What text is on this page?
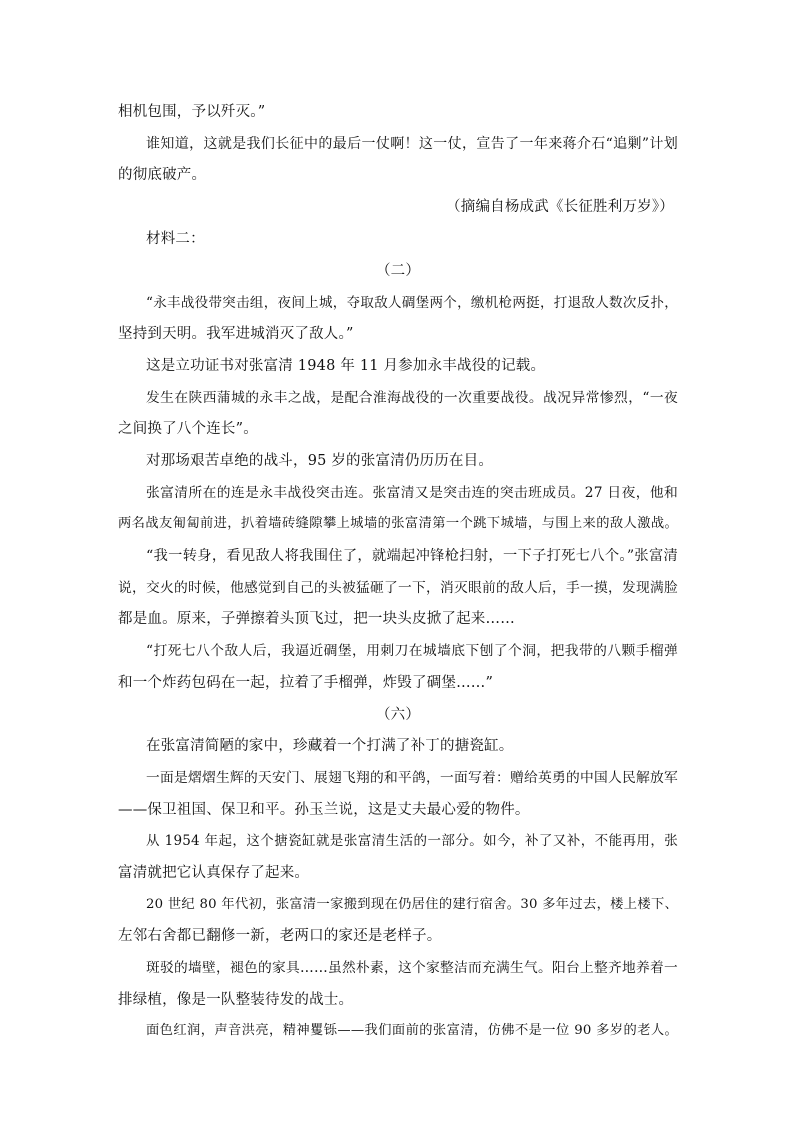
相机包围，予以歼灭。”
谁知道，这就是我们长征中的最后一仗啊！这一仗，宣告了一年来蒋介石“追剿”计划
的彻底破产。
（摘编自杨成武《长征胜利万岁》）
材料二：
（二）
“永丰战役带突击组，夜间上城，夺取敌人碉堡两个，缴机枪两挺，打退敌人数次反扑，
坚持到天明。我军进城消灭了敌人。”
这是立功证书对张富清 1948 年 11 月参加永丰战役的记载。
发生在陕西蒲城的永丰之战，是配合淮海战役的一次重要战役。战况异常惨烈，“一夜
之间换了八个连长”。
对那场艰苦卓绝的战斗，95 岁的张富清仍历历在目。
张富清所在的连是永丰战役突击连。张富清又是突击连的突击班成员。27 日夜，他和
两名战友匍匐前进，扒着墙砖缝隙攀上城墙的张富清第一个跳下城墙，与围上来的敌人激战。
“我一转身，看见敌人将我围住了，就端起冲锋枪扫射，一下子打死七八个。”张富清
说，交火的时候，他感觉到自己的头被猛砸了一下，消灭眼前的敌人后，手一摸，发现满脸
都是血。原来，子弹擦着头顶飞过，把一块头皮掀了起来……
“打死七八个敌人后，我逼近碉堡，用刺刀在城墙底下刨了个洞，把我带的八颗手榴弹
和一个炸药包码在一起，拉着了手榴弹，炸毁了碉堡……”
（六）
在张富清简陋的家中，珍藏着一个打满了补丁的搪瓷缸。
一面是熠熠生辉的天安门、展翅飞翔的和平鸽，一面写着：赠给英勇的中国人民解放军
——保卫祖国、保卫和平。孙玉兰说，这是丈夫最心爱的物件。
从 1954 年起，这个搪瓷缸就是张富清生活的一部分。如今，补了又补，不能再用，张
富清就把它认真保存了起来。
20 世纪 80 年代初，张富清一家搬到现在仍居住的建行宿舍。30 多年过去，楼上楼下、
左邻右舍都已翻修一新，老两口的家还是老样子。
斑驳的墙壁，褪色的家具……虽然朴素，这个家整洁而充满生气。阳台上整齐地养着一
排绿植，像是一队整装待发的战士。
面色红润，声音洪亮，精神矍铄——我们面前的张富清，仿佛不是一位 90 多岁的老人。
